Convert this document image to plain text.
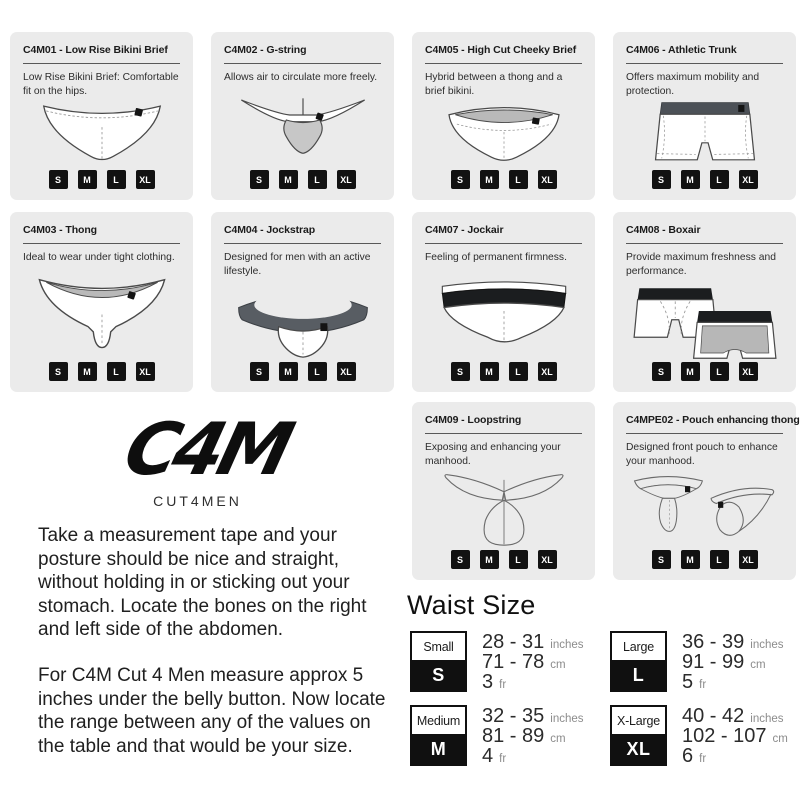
C4M01 - Low Rise Bikini Brief
Low Rise Bikini Brief: Comfortable fit on the hips.
S	M	L	XL
C4M02 - G-string
Allows air to circulate more freely.
S	M	L	XL
C4M05 - High Cut Cheeky Brief
Hybrid between a thong and a brief bikini.
S	M	L	XL
C4M06 - Athletic Trunk
Offers maximum mobility and protection.
S	M	L	XL
C4M03 - Thong
Ideal to wear under tight clothing.
S	M	L	XL
C4M04 - Jockstrap
Designed for men with an active lifestyle.
S	M	L	XL
C4M07 - Jockair
Feeling of permanent firmness.
S	M	L	XL
C4M08 - Boxair
Provide maximum freshness and performance.
S	M	L	XL
C4M09 - Loopstring
Exposing and enhancing your manhood.
S	M	L	XL
C4MPE02 - Pouch enhancing thong
Designed front pouch to enhance your manhood.
S	M	L	XL
C4M
CUT4MEN
Take a measurement tape and your posture should be nice and straight, without holding in or sticking out your stomach. Locate the bones on the right and left side of the abdomen.
For C4M Cut 4 Men measure approx 5 inches under the belly button. Now locate the range between any of the values on the table and that would be your size.
Waist Size
Small
S
28 - 31 inches
71 - 78 cm
3 fr
Large
L
36 - 39 inches
91 - 99 cm
5 fr
Medium
M
32 - 35 inches
81 - 89 cm
4 fr
X-Large
XL
40 - 42 inches
102 - 107 cm
6 fr
